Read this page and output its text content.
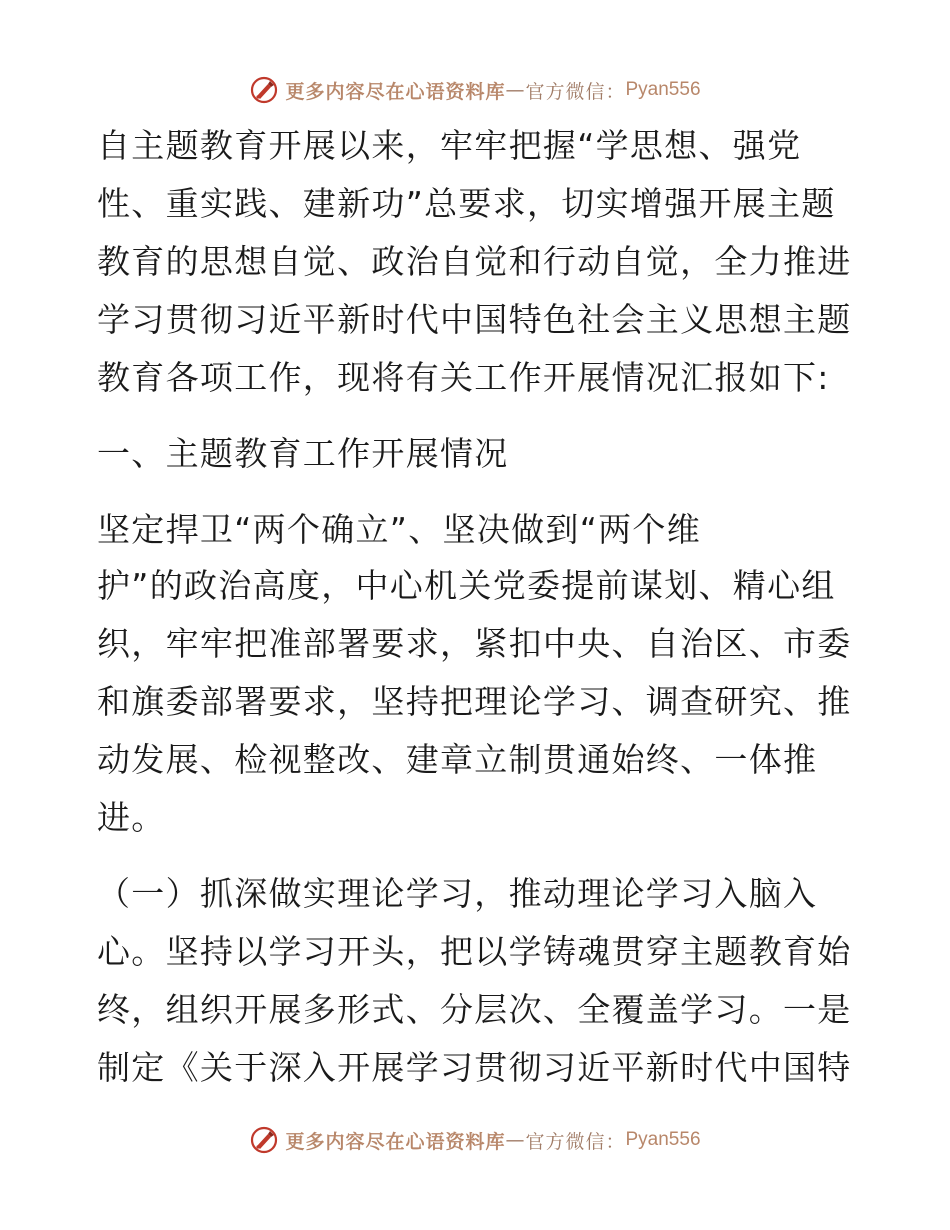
更多内容尽在心语资料库 — 官方微信： Pyan556
自主题教育开展以来，牢牢把握“学思想、强党
性、重实践、建新功”总要求，切实增强开展主题
教育的思想自觉、政治自觉和行动自觉，全力推进
学习贯彻习近平新时代中国特色社会主义思想主题
教育各项工作，现将有关工作开展情况汇报如下:
一、主题教育工作开展情况
坚定捍卫“两个确立”、坚决做到“两个维
护”的政治高度，中心机关党委提前谋划、精心组
织，牢牢把准部署要求，紧扣中央、自治区、市委
和旗委部署要求，坚持把理论学习、调查研究、推
动发展、检视整改、建章立制贯通始终、一体推
进。
（一）抓深做实理论学习，推动理论学习入脑入
心。坚持以学习开头，把以学铸魂贯穿主题教育始
终，组织开展多形式、分层次、全覆盖学习。一是
制定《关于深入开展学习贯彻习近平新时代中国特
更多内容尽在心语资料库 — 官方微信： Pyan556
